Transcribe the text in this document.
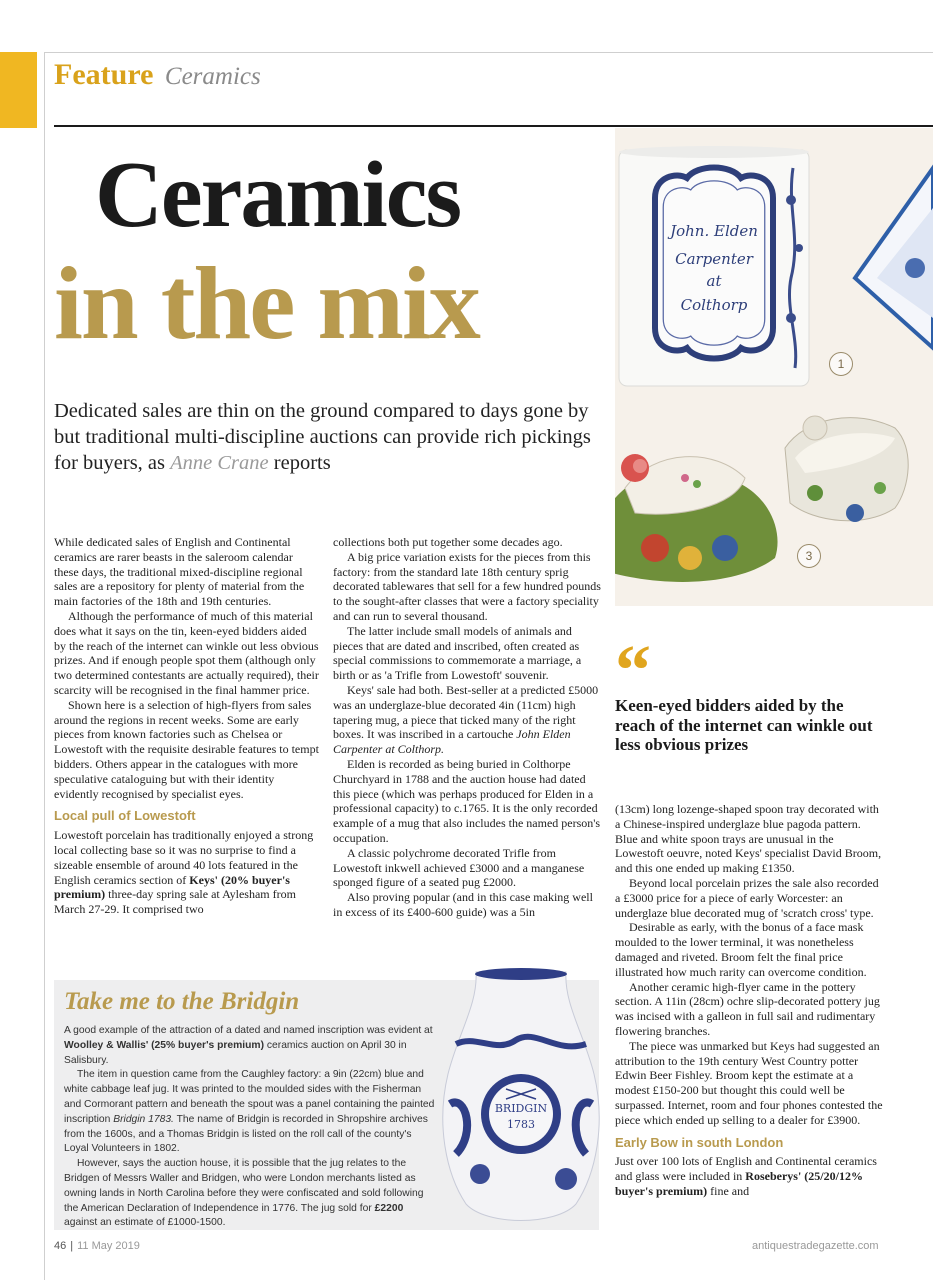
Feature Ceramics
Ceramics
in the mix
Dedicated sales are thin on the ground compared to days gone by but traditional multi-discipline auctions can provide rich pickings for buyers, as Anne Crane reports
John. Elden
Carpenter
at
Colthorp
1
3

While dedicated sales of English and Continental ceramics are rarer beasts in the saleroom calendar these days, the traditional mixed-discipline regional sales are a repository for plenty of material from the main factories of the 18th and 19th centuries.

Although the performance of much of this material does what it says on the tin, keen-eyed bidders aided by the reach of the internet can winkle out less obvious prizes. And if enough people spot them (although only two determined contestants are actually required), their scarcity will be recognised in the final hammer price.

Shown here is a selection of high-flyers from sales around the regions in recent weeks. Some are early pieces from known factories such as Chelsea or Lowestoft with the requisite desirable features to tempt bidders. Others appear in the catalogues with more speculative cataloguing but with their identity evidently recognised by specialist eyes.

Local pull of Lowestoft

Lowestoft porcelain has traditionally enjoyed a strong local collecting base so it was no surprise to find a sizeable ensemble of around 40 lots featured in the English ceramics section of Keys' (20% buyer's premium) three-day spring sale at Aylesham from March 27-29. It comprised two

collections both put together some decades ago.

A big price variation exists for the pieces from this factory: from the standard late 18th century sprig decorated tablewares that sell for a few hundred pounds to the sought-after classes that were a factory speciality and can run to several thousand.

The latter include small models of animals and pieces that are dated and inscribed, often created as special commissions to commemorate a marriage, a birth or as 'a Trifle from Lowestoft' souvenir.

Keys' sale had both. Best-seller at a predicted £5000 was an underglaze-blue decorated 4in (11cm) high tapering mug, a piece that ticked many of the right boxes. It was inscribed in a cartouche John Elden Carpenter at Colthorp.

Elden is recorded as being buried in Colthorpe Churchyard in 1788 and the auction house had dated this piece (which was perhaps produced for Elden in a professional capacity) to c.1765. It is the only recorded example of a mug that also includes the named person's occupation.

A classic polychrome decorated Trifle from Lowestoft inkwell achieved £3000 and a manganese sponged figure of a seated pug £2000.

Also proving popular (and in this case making well in excess of its £400-600 guide) was a 5in

“
Keen-eyed bidders aided by the reach of the internet can winkle out less obvious prizes

(13cm) long lozenge-shaped spoon tray decorated with a Chinese-inspired underglaze blue pagoda pattern. Blue and white spoon trays are unusual in the Lowestoft oeuvre, noted Keys' specialist David Broom, and this one ended up making £1350.

Beyond local porcelain prizes the sale also recorded a £3000 price for a piece of early Worcester: an underglaze blue decorated mug of 'scratch cross' type.

Desirable as early, with the bonus of a face mask moulded to the lower terminal, it was nonetheless damaged and riveted. Broom felt the final price illustrated how much rarity can overcome condition.

Another ceramic high-flyer came in the pottery section. A 11in (28cm) ochre slip-decorated pottery jug was incised with a galleon in full sail and rudimentary flowering branches.

The piece was unmarked but Keys had suggested an attribution to the 19th century West Country potter Edwin Beer Fishley. Broom kept the estimate at a modest £150-200 but thought this could well be surpassed. Internet, room and four phones contested the piece which ended up selling to a dealer for £3900.

Early Bow in south London

Just over 100 lots of English and Continental ceramics and glass were included in Roseberys' (25/20/12% buyer's premium) fine and

Take me to the Bridgin

A good example of the attraction of a dated and named inscription was evident at Woolley & Wallis' (25% buyer's premium) ceramics auction on April 30 in Salisbury.

The item in question came from the Caughley factory: a 9in (22cm) blue and white cabbage leaf jug. It was printed to the moulded sides with the Fisherman and Cormorant pattern and beneath the spout was a panel containing the painted inscription Bridgin 1783. The name of Bridgin is recorded in Shropshire archives from the 1600s, and a Thomas Bridgin is listed on the roll call of the county's Loyal Volunteers in 1802.

However, says the auction house, it is possible that the jug relates to the Bridgen of Messrs Waller and Bridgen, who were London merchants listed as owning lands in North Carolina before they were confiscated and sold following the American Declaration of Independence in 1776. The jug sold for £2200 against an estimate of £1000-1500.

BRIDGIN
1783
46 | 11 May 2019	antiquestradegazette.com
